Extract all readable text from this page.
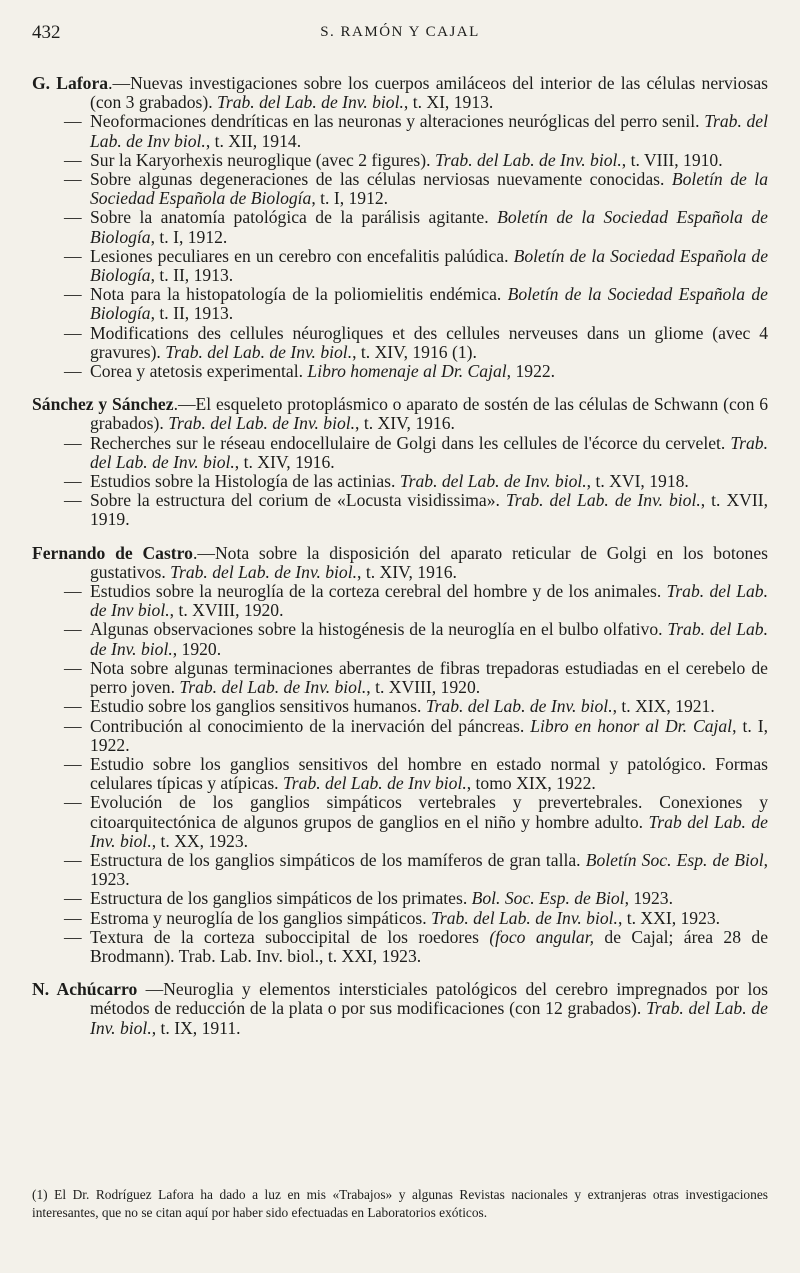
432	S. RAMÓN Y CAJAL
G. Lafora.—Nuevas investigaciones sobre los cuerpos amiláceos del interior de las células nerviosas (con 3 grabados). Trab. del Lab. de Inv. biol., t. XI, 1913.
— Neoformaciones dendríticas en las neuronas y alteraciones neuróglicas del perro senil. Trab. del Lab. de Inv biol., t. XII, 1914.
— Sur la Karyorhexis neuroglique (avec 2 figures). Trab. del Lab. de Inv. biol., t. VIII, 1910.
— Sobre algunas degeneraciones de las células nerviosas nuevamente conocidas. Boletín de la Sociedad Española de Biología, t. I, 1912.
— Sobre la anatomía patológica de la parálisis agitante. Boletín de la Sociedad Española de Biología, t. I, 1912.
— Lesiones peculiares en un cerebro con encefalitis palúdica. Boletín de la Sociedad Española de Biología, t. II, 1913.
— Nota para la histopatología de la poliomielitis endémica. Boletín de la Sociedad Española de Biología, t. II, 1913.
— Modifications des cellules néurogliques et des cellules nerveuses dans un gliome (avec 4 gravures). Trab. del Lab. de Inv. biol., t. XIV, 1916 (1).
— Corea y atetosis experimental. Libro homenaje al Dr. Cajal, 1922.
Sánchez y Sánchez.—El esqueleto protoplásmico o aparato de sostén de las células de Schwann (con 6 grabados). Trab. del Lab. de Inv. biol., t. XIV, 1916.
— Recherches sur le réseau endocellulaire de Golgi dans les cellules de l'écorce du cervelet. Trab. del Lab. de Inv. biol., t. XIV, 1916.
— Estudios sobre la Histología de las actinias. Trab. del Lab. de Inv. biol., t. XVI, 1918.
— Sobre la estructura del corium de «Locusta visidissima». Trab. del Lab. de Inv. biol., t. XVII, 1919.
Fernando de Castro.—Nota sobre la disposición del aparato reticular de Golgi en los botones gustativos. Trab. del Lab. de Inv. biol., t. XIV, 1916.
— Estudios sobre la neuroglía de la corteza cerebral del hombre y de los animales. Trab. del Lab. de Inv biol., t. XVIII, 1920.
— Algunas observaciones sobre la histogénesis de la neuroglía en el bulbo olfativo. Trab. del Lab. de Inv. biol., 1920.
— Nota sobre algunas terminaciones aberrantes de fibras trepadoras estudiadas en el cerebelo de perro joven. Trab. del Lab. de Inv. biol., t. XVIII, 1920.
— Estudio sobre los ganglios sensitivos humanos. Trab. del Lab. de Inv. biol., t. XIX, 1921.
— Contribución al conocimiento de la inervación del páncreas. Libro en honor al Dr. Cajal, t. I, 1922.
— Estudio sobre los ganglios sensitivos del hombre en estado normal y patológico. Formas celulares típicas y atípicas. Trab. del Lab. de Inv biol., tomo XIX, 1922.
— Evolución de los ganglios simpáticos vertebrales y prevertebrales. Conexiones y citoarquitectónica de algunos grupos de ganglios en el niño y hombre adulto. Trab del Lab. de Inv. biol., t. XX, 1923.
— Estructura de los ganglios simpáticos de los mamíferos de gran talla. Boletín Soc. Esp. de Biol, 1923.
— Estructura de los ganglios simpáticos de los primates. Bol. Soc. Esp. de Biol, 1923.
— Estroma y neuroglía de los ganglios simpáticos. Trab. del Lab. de Inv. biol., t. XXI, 1923.
— Textura de la corteza suboccipital de los roedores (foco angular, de Cajal; área 28 de Brodmann). Trab. Lab. Inv. biol., t. XXI, 1923.
N. Achúcarro —Neuroglia y elementos intersticiales patológicos del cerebro impregnados por los métodos de reducción de la plata o por sus modificaciones (con 12 grabados). Trab. del Lab. de Inv. biol., t. IX, 1911.
(1) El Dr. Rodríguez Lafora ha dado a luz en mis «Trabajos» y algunas Revistas nacionales y extranjeras otras investigaciones interesantes, que no se citan aquí por haber sido efectuadas en Laboratorios exóticos.
